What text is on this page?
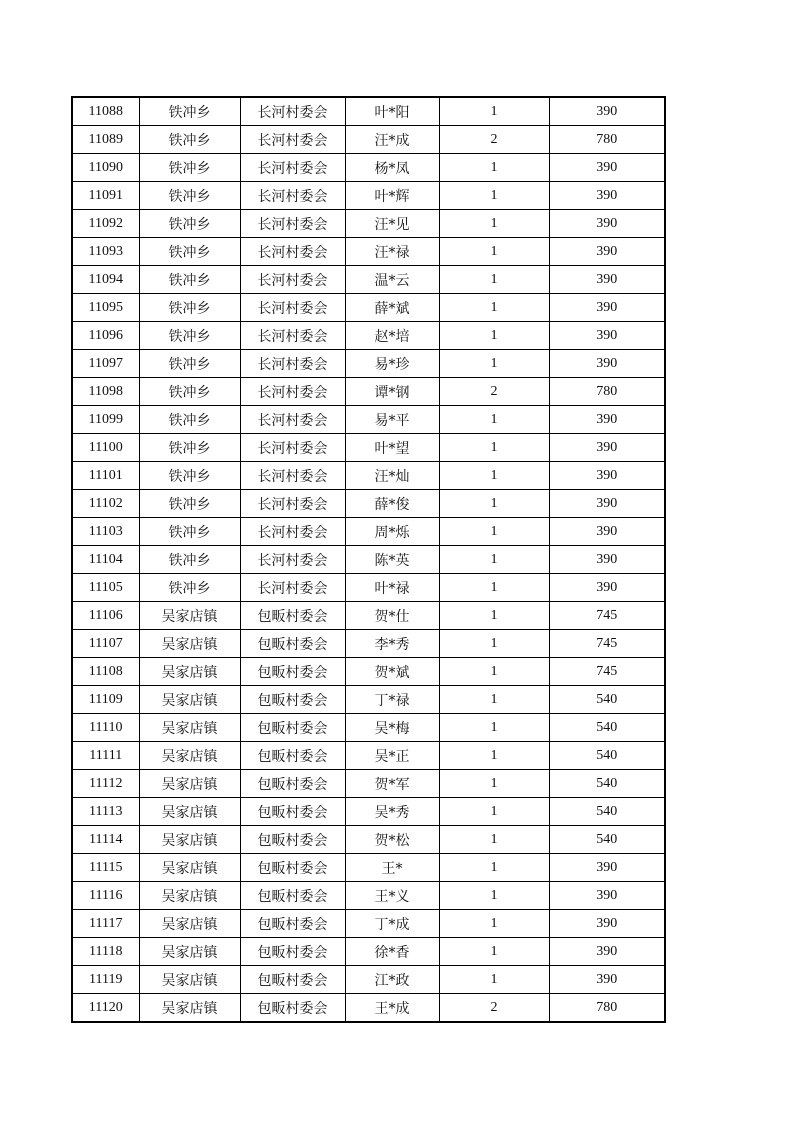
11088	铁冲乡	长河村委会	叶*阳	1	390
11089	铁冲乡	长河村委会	汪*成	2	780
11090	铁冲乡	长河村委会	杨*凤	1	390
11091	铁冲乡	长河村委会	叶*辉	1	390
11092	铁冲乡	长河村委会	汪*见	1	390
11093	铁冲乡	长河村委会	汪*禄	1	390
11094	铁冲乡	长河村委会	温*云	1	390
11095	铁冲乡	长河村委会	薛*斌	1	390
11096	铁冲乡	长河村委会	赵*培	1	390
11097	铁冲乡	长河村委会	易*珍	1	390
11098	铁冲乡	长河村委会	谭*钢	2	780
11099	铁冲乡	长河村委会	易*平	1	390
11100	铁冲乡	长河村委会	叶*望	1	390
11101	铁冲乡	长河村委会	汪*灿	1	390
11102	铁冲乡	长河村委会	薛*俊	1	390
11103	铁冲乡	长河村委会	周*烁	1	390
11104	铁冲乡	长河村委会	陈*英	1	390
11105	铁冲乡	长河村委会	叶*禄	1	390
11106	吴家店镇	包畈村委会	贺*仕	1	745
11107	吴家店镇	包畈村委会	李*秀	1	745
11108	吴家店镇	包畈村委会	贺*斌	1	745
11109	吴家店镇	包畈村委会	丁*禄	1	540
11110	吴家店镇	包畈村委会	吴*梅	1	540
11111	吴家店镇	包畈村委会	吴*正	1	540
11112	吴家店镇	包畈村委会	贺*军	1	540
11113	吴家店镇	包畈村委会	吴*秀	1	540
11114	吴家店镇	包畈村委会	贺*松	1	540
11115	吴家店镇	包畈村委会	王*	1	390
11116	吴家店镇	包畈村委会	王*义	1	390
11117	吴家店镇	包畈村委会	丁*成	1	390
11118	吴家店镇	包畈村委会	徐*香	1	390
11119	吴家店镇	包畈村委会	江*政	1	390
11120	吴家店镇	包畈村委会	王*成	2	780
